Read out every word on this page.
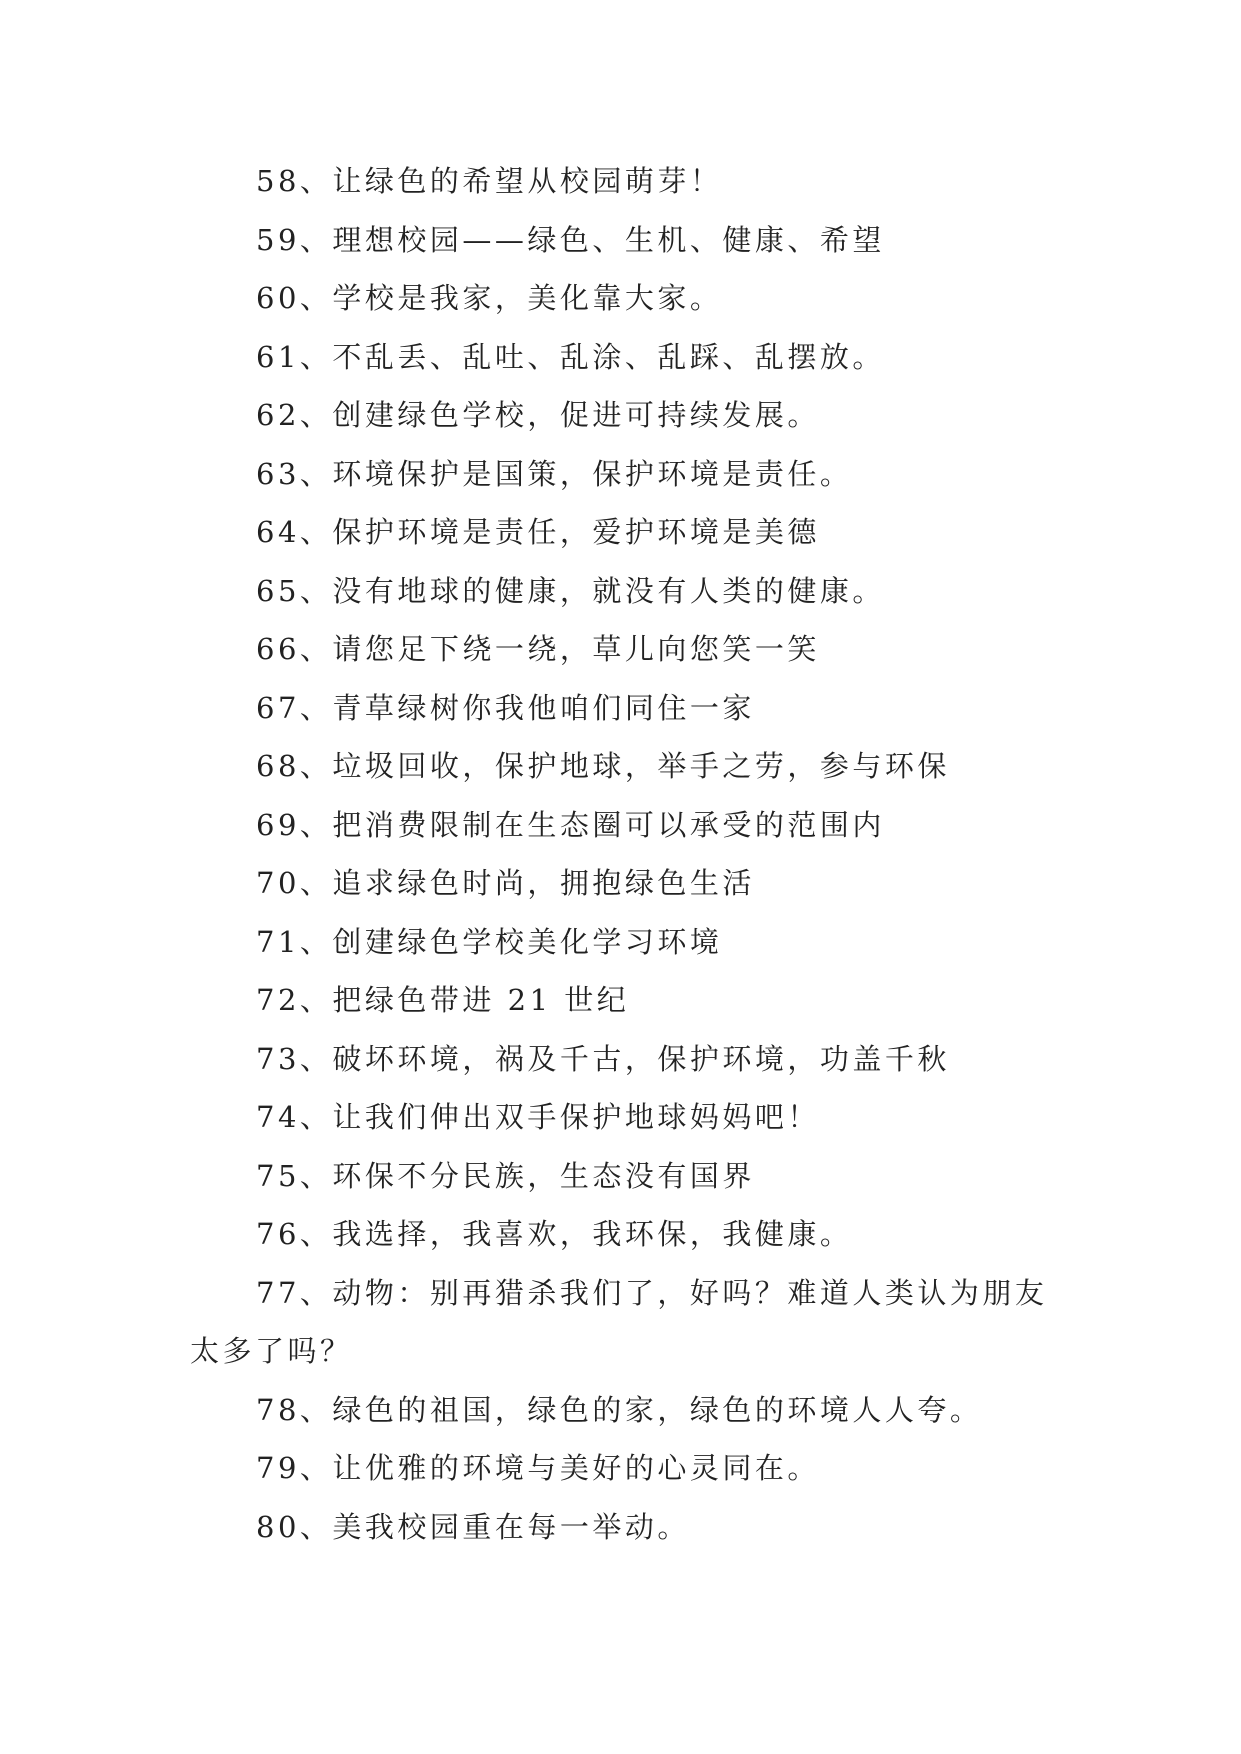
58、让绿色的希望从校园萌芽！

59、理想校园——绿色、生机、健康、希望

60、学校是我家，美化靠大家。

61、不乱丢、乱吐、乱涂、乱踩、乱摆放。

62、创建绿色学校，促进可持续发展。

63、环境保护是国策，保护环境是责任。

64、保护环境是责任，爱护环境是美德

65、没有地球的健康，就没有人类的健康。

66、请您足下绕一绕，草儿向您笑一笑

67、青草绿树你我他咱们同住一家

68、垃圾回收，保护地球，举手之劳，参与环保

69、把消费限制在生态圈可以承受的范围内

70、追求绿色时尚，拥抱绿色生活

71、创建绿色学校美化学习环境

72、把绿色带进 21 世纪

73、破坏环境，祸及千古，保护环境，功盖千秋

74、让我们伸出双手保护地球妈妈吧！

75、环保不分民族，生态没有国界

76、我选择，我喜欢，我环保，我健康。

77、动物：别再猎杀我们了，好吗？难道人类认为朋友太多了吗？

78、绿色的祖国，绿色的家，绿色的环境人人夸。

79、让优雅的环境与美好的心灵同在。

80、美我校园重在每一举动。
